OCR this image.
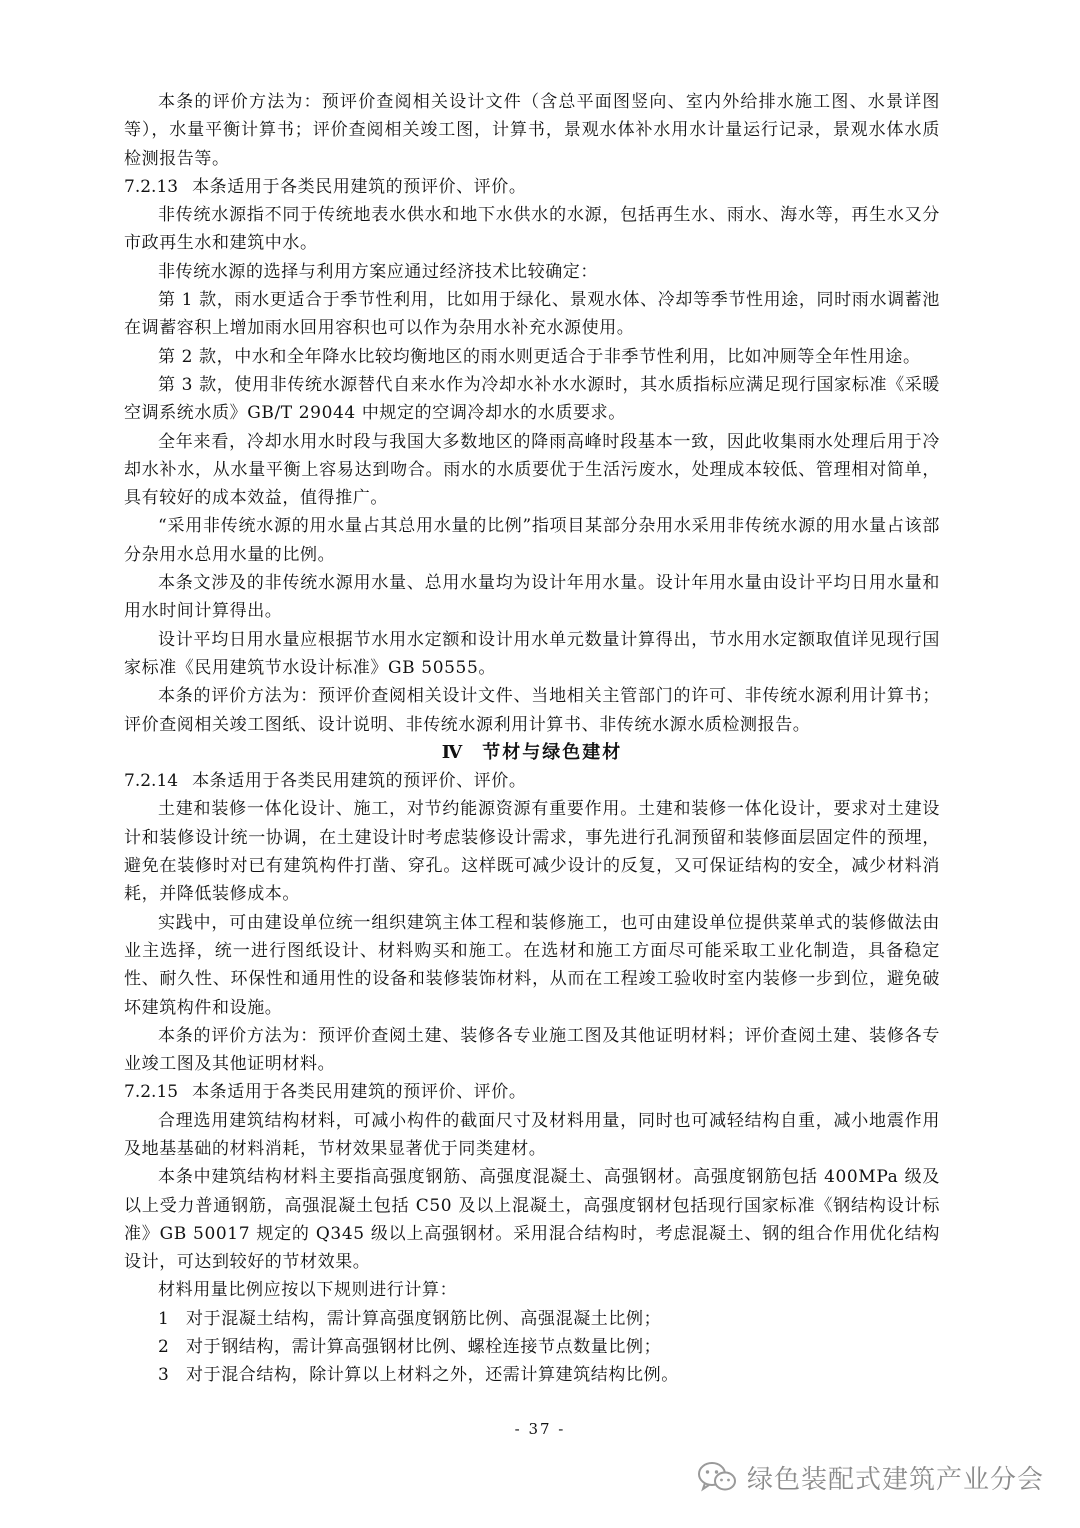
本条的评价方法为：预评价查阅相关设计文件（含总平面图竖向、室内外给排水施工图、水景详图等），水量平衡计算书；评价查阅相关竣工图，计算书，景观水体补水用水计量运行记录，景观水体水质检测报告等。

7.2.13 本条适用于各类民用建筑的预评价、评价。

非传统水源指不同于传统地表水供水和地下水供水的水源，包括再生水、雨水、海水等，再生水又分市政再生水和建筑中水。

非传统水源的选择与利用方案应通过经济技术比较确定：

第 1 款，雨水更适合于季节性利用，比如用于绿化、景观水体、冷却等季节性用途，同时雨水调蓄池在调蓄容积上增加雨水回用容积也可以作为杂用水补充水源使用。

第 2 款，中水和全年降水比较均衡地区的雨水则更适合于非季节性利用，比如冲厕等全年性用途。

第 3 款，使用非传统水源替代自来水作为冷却水补水水源时，其水质指标应满足现行国家标准《采暖空调系统水质》GB/T 29044 中规定的空调冷却水的水质要求。

全年来看，冷却水用水时段与我国大多数地区的降雨高峰时段基本一致，因此收集雨水处理后用于冷却水补水，从水量平衡上容易达到吻合。雨水的水质要优于生活污废水，处理成本较低、管理相对简单，具有较好的成本效益，值得推广。

“采用非传统水源的用水量占其总用水量的比例”指项目某部分杂用水采用非传统水源的用水量占该部分杂用水总用水量的比例。

本条文涉及的非传统水源用水量、总用水量均为设计年用水量。设计年用水量由设计平均日用水量和用水时间计算得出。

设计平均日用水量应根据节水用水定额和设计用水单元数量计算得出，节水用水定额取值详见现行国家标准《民用建筑节水设计标准》GB 50555。

本条的评价方法为：预评价查阅相关设计文件、当地相关主管部门的许可、非传统水源利用计算书；评价查阅相关竣工图纸、设计说明、非传统水源利用计算书、非传统水源水质检测报告。

Ⅳ 节材与绿色建材

7.2.14 本条适用于各类民用建筑的预评价、评价。

土建和装修一体化设计、施工，对节约能源资源有重要作用。土建和装修一体化设计，要求对土建设计和装修设计统一协调，在土建设计时考虑装修设计需求，事先进行孔洞预留和装修面层固定件的预埋，避免在装修时对已有建筑构件打凿、穿孔。这样既可减少设计的反复，又可保证结构的安全，减少材料消耗，并降低装修成本。

实践中，可由建设单位统一组织建筑主体工程和装修施工，也可由建设单位提供菜单式的装修做法由业主选择，统一进行图纸设计、材料购买和施工。在选材和施工方面尽可能采取工业化制造，具备稳定性、耐久性、环保性和通用性的设备和装修装饰材料，从而在工程竣工验收时室内装修一步到位，避免破坏建筑构件和设施。

本条的评价方法为：预评价查阅土建、装修各专业施工图及其他证明材料；评价查阅土建、装修各专业竣工图及其他证明材料。

7.2.15 本条适用于各类民用建筑的预评价、评价。

合理选用建筑结构材料，可减小构件的截面尺寸及材料用量，同时也可减轻结构自重，减小地震作用及地基基础的材料消耗，节材效果显著优于同类建材。

本条中建筑结构材料主要指高强度钢筋、高强度混凝土、高强钢材。高强度钢筋包括 400MPa 级及以上受力普通钢筋，高强混凝土包括 C50 及以上混凝土，高强度钢材包括现行国家标准《钢结构设计标准》GB 50017 规定的 Q345 级以上高强钢材。采用混合结构时，考虑混凝土、钢的组合作用优化结构设计，可达到较好的节材效果。

材料用量比例应按以下规则进行计算：

1 对于混凝土结构，需计算高强度钢筋比例、高强混凝土比例；

2 对于钢结构，需计算高强钢材比例、螺栓连接节点数量比例；

3 对于混合结构，除计算以上材料之外，还需计算建筑结构比例。

- 37 -
绿色装配式建筑产业分会
